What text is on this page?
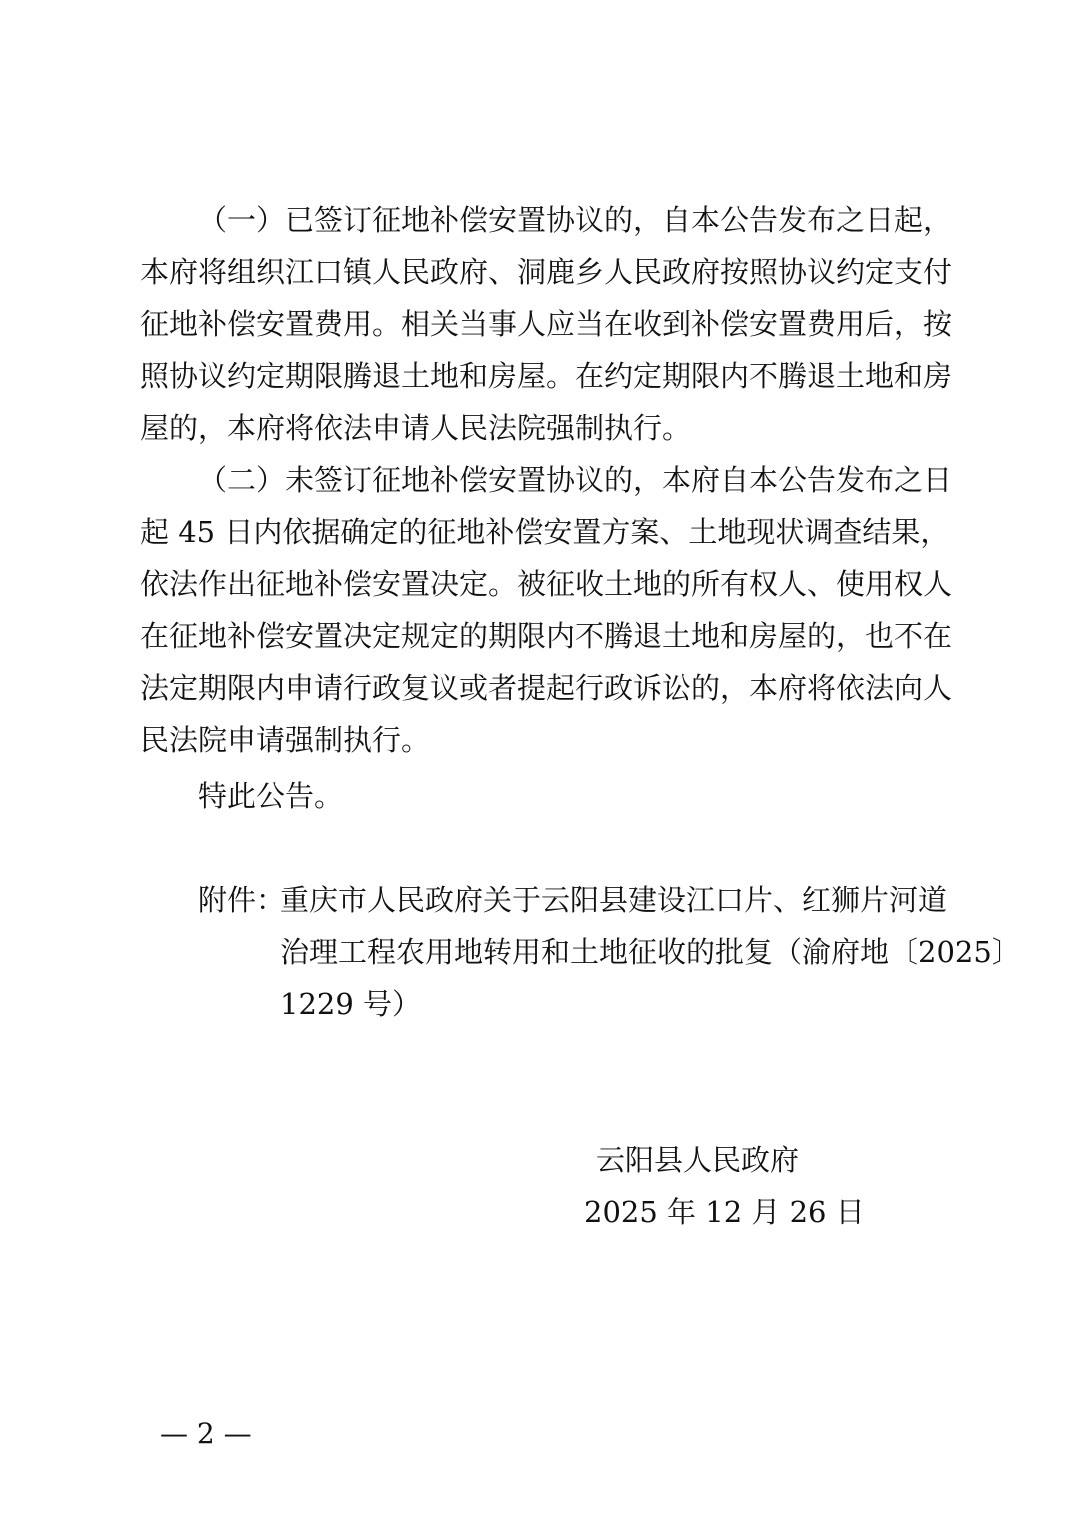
（一）已签订征地补偿安置协议的，自本公告发布之日起，
本府将组织江口镇人民政府、洞鹿乡人民政府按照协议约定支付
征地补偿安置费用。相关当事人应当在收到补偿安置费用后，按
照协议约定期限腾退土地和房屋。在约定期限内不腾退土地和房
屋的，本府将依法申请人民法院强制执行。
（二）未签订征地补偿安置协议的，本府自本公告发布之日
起 45 日内依据确定的征地补偿安置方案、土地现状调查结果，
依法作出征地补偿安置决定。被征收土地的所有权人、使用权人
在征地补偿安置决定规定的期限内不腾退土地和房屋的，也不在
法定期限内申请行政复议或者提起行政诉讼的，本府将依法向人
民法院申请强制执行。
特此公告。
附件：
重庆市人民政府关于云阳县建设江口片、红狮片河道
治理工程农用地转用和土地征收的批复（渝府地〔2025〕
1229 号）
云阳县人民政府
2025 年 12 月 26 日
— 2 —
